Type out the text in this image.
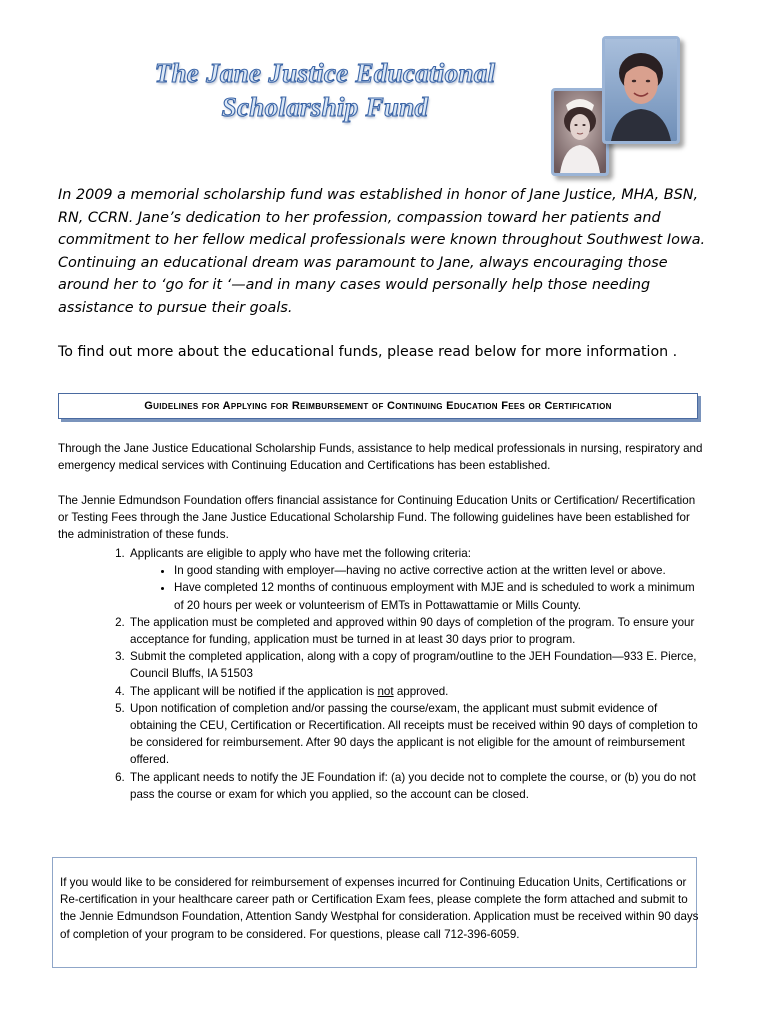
The Jane Justice Educational
Scholarship Fund

In 2009 a memorial scholarship fund was established in honor of Jane Justice, MHA, BSN, RN, CCRN. Jane’s dedication to her profession, compassion toward her patients and commitment to her fellow medical professionals were known throughout Southwest Iowa. Continuing an educational dream was paramount to Jane, always encouraging those around her to ‘go for it ‘—and in many cases would personally help those needing assistance to pursue their goals.

To find out more about the educational funds, please read below for more information .

Guidelines for Applying for Reimbursement of Continuing Education Fees or Certification

Through the Jane Justice Educational Scholarship Funds, assistance to help medical professionals in nursing, respiratory and emergency medical services with Continuing Education and Certifications has been established.

The Jennie Edmundson Foundation offers financial assistance for Continuing Education Units or Certification/ Recertification or Testing Fees through the Jane Justice Educational Scholarship Fund. The following guidelines have been established for the administration of these funds.

1. Applicants are eligible to apply who have met the following criteria:
• In good standing with employer—having no active corrective action at the written level or above.
• Have completed 12 months of continuous employment with MJE and is scheduled to work a minimum of 20 hours per week or volunteerism of EMTs in Pottawattamie or Mills County.
2. The application must be completed and approved within 90 days of completion of the program. To ensure your acceptance for funding, application must be turned in at least 30 days prior to program.
3. Submit the completed application, along with a copy of program/outline to the JEH Foundation—933 E. Pierce, Council Bluffs, IA 51503
4. The applicant will be notified if the application is not approved.
5. Upon notification of completion and/or passing the course/exam, the applicant must submit evidence of obtaining the CEU, Certification or Recertification. All receipts must be received within 90 days of completion to be considered for reimbursement. After 90 days the applicant is not eligible for the amount of reimbursement offered.
6. The applicant needs to notify the JE Foundation if: (a) you decide not to complete the course, or (b) you do not pass the course or exam for which you applied, so the account can be closed.

If you would like to be considered for reimbursement of expenses incurred for Continuing Education Units, Certifications or Re-certification in your healthcare career path or Certification Exam fees, please complete the form attached and submit to the Jennie Edmundson Foundation, Attention Sandy Westphal for consideration. Application must be received within 90 days of completion of your program to be considered. For questions, please call 712-396-6059.
